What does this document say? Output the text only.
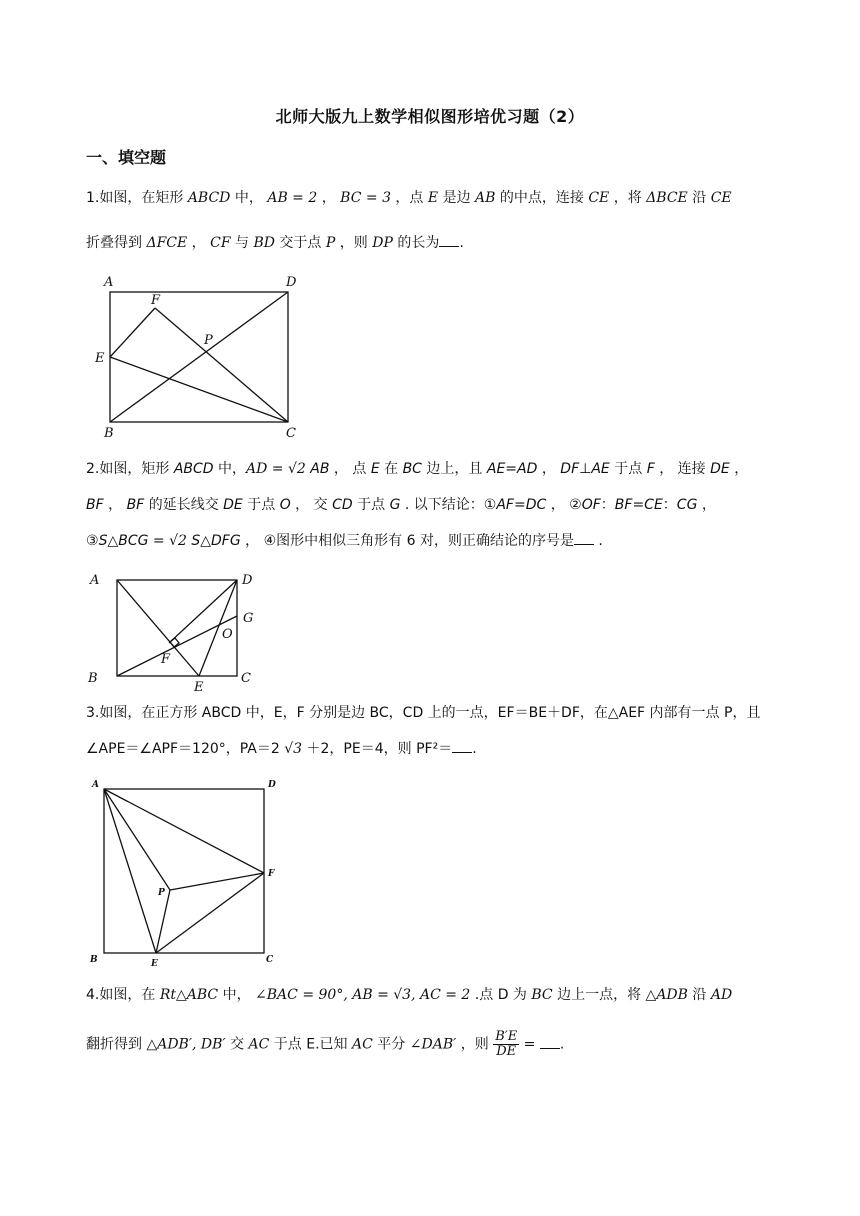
北师大版九上数学相似图形培优习题（2）
一、填空题
1.如图，在矩形 ABCD 中， AB = 2 ， BC = 3 ，点 E 是边 AB 的中点，连接 CE ，将 ΔBCE 沿 CE
折叠得到 ΔFCE ， CF 与 BD 交于点 P ，则 DP 的长为 .
A	D
F
P
E
B	C
2.如图，矩形 ABCD 中，AD = √2 AB ， 点 E 在 BC 边上，且 AE=AD ， DF⊥AE 于点 F ， 连接 DE ，
BF ， BF 的延长线交 DE 于点 O ， 交 CD 于点 G . 以下结论：①AF=DC ， ②OF：BF=CE：CG ，
③S△BCG = √2 S△DFG ， ④图形中相似三角形有 6 对，则正确结论的序号是 .
A	D
G
O
F
B
E
C
3.如图，在正方形 ABCD 中，E，F 分别是边 BC，CD 上的一点，EF＝BE＋DF，在△AEF 内部有一点 P，且
∠APE＝∠APF＝120°，PA＝2 √3 ＋2，PE＝4，则 PF²＝ .
A	D
P
F
B	E	C
4.如图，在 Rt△ABC 中， ∠BAC = 90°, AB = √3, AC = 2 .点 D 为 BC 边上一点，将 △ADB 沿 AD
翻折得到 △ADB′, DB′ 交 AC 于点 E.已知 AC 平分 ∠DAB′ ，则 $\frac{B'E}{DE}$ = .
